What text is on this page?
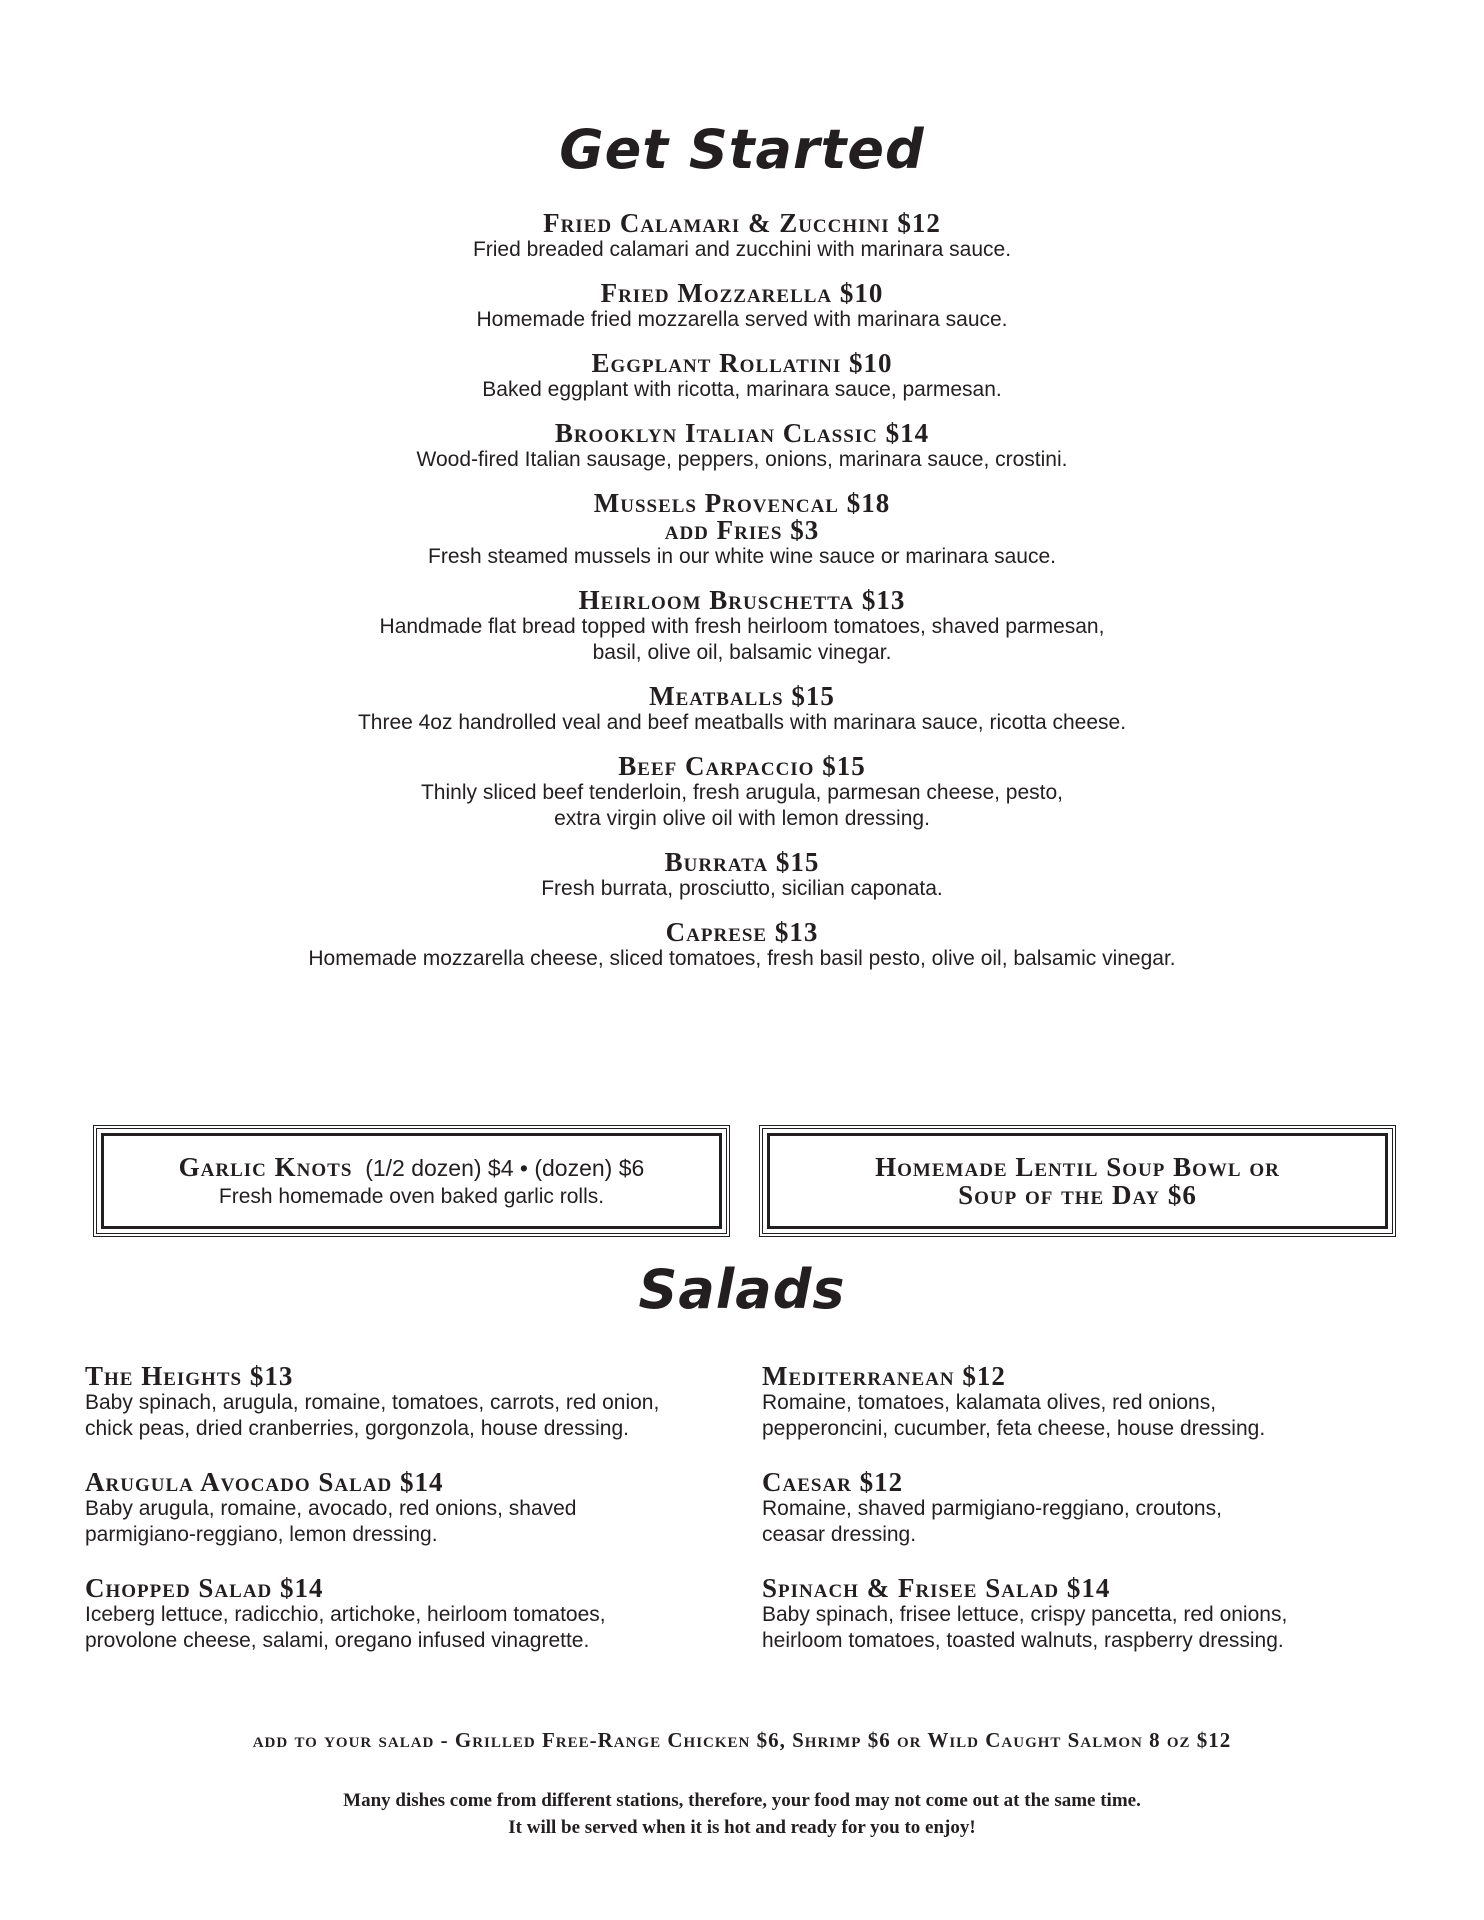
Get Started
Fried Calamari & Zucchini $12
Fried breaded calamari and zucchini with marinara sauce.
Fried Mozzarella $10
Homemade fried mozzarella served with marinara sauce.
Eggplant Rollatini $10
Baked eggplant with ricotta, marinara sauce, parmesan.
Brooklyn Italian Classic $14
Wood-fired Italian sausage, peppers, onions, marinara sauce, crostini.
Mussels Provencal $18
add Fries $3
Fresh steamed mussels in our white wine sauce or marinara sauce.
Heirloom Bruschetta $13
Handmade flat bread topped with fresh heirloom tomatoes, shaved parmesan,
basil, olive oil, balsamic vinegar.
Meatballs $15
Three 4oz handrolled veal and beef meatballs with marinara sauce, ricotta cheese.
Beef Carpaccio $15
Thinly sliced beef tenderloin, fresh arugula, parmesan cheese, pesto,
extra virgin olive oil with lemon dressing.
Burrata $15
Fresh burrata, prosciutto, sicilian caponata.
Caprese $13
Homemade mozzarella cheese, sliced tomatoes, fresh basil pesto, olive oil, balsamic vinegar.
Garlic Knots (1/2 dozen) $4 • (dozen) $6
Fresh homemade oven baked garlic rolls.
Homemade Lentil Soup Bowl or
Soup of the Day $6
Salads
The Heights $13
Baby spinach, arugula, romaine, tomatoes, carrots, red onion,
chick peas, dried cranberries, gorgonzola, house dressing.
Arugula Avocado Salad $14
Baby arugula, romaine, avocado, red onions, shaved
parmigiano-reggiano, lemon dressing.
Chopped Salad $14
Iceberg lettuce, radicchio, artichoke, heirloom tomatoes,
provolone cheese, salami, oregano infused vinagrette.
Mediterranean $12
Romaine, tomatoes, kalamata olives, red onions,
pepperoncini, cucumber, feta cheese, house dressing.
Caesar $12
Romaine, shaved parmigiano-reggiano, croutons,
ceasar dressing.
Spinach & Frisee Salad $14
Baby spinach, frisee lettuce, crispy pancetta, red onions,
heirloom tomatoes, toasted walnuts, raspberry dressing.
add to your salad - Grilled Free-Range Chicken $6, Shrimp $6 or Wild Caught Salmon 8 oz $12
Many dishes come from different stations, therefore, your food may not come out at the same time.
It will be served when it is hot and ready for you to enjoy!
